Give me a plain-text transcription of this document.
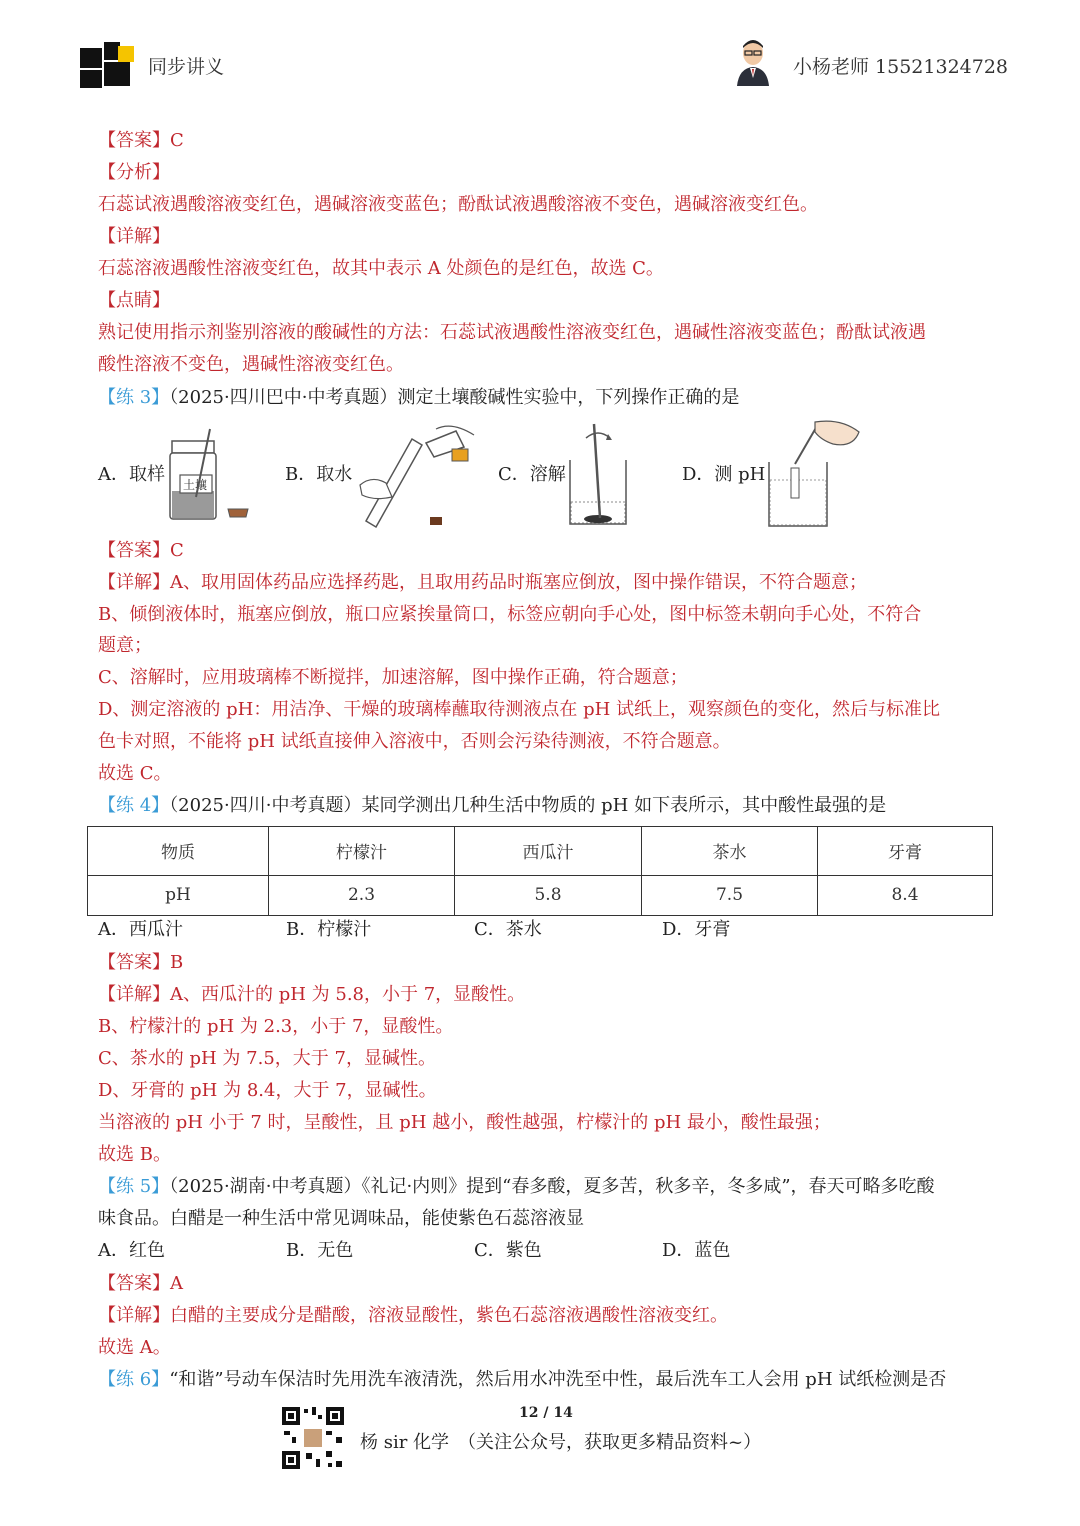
同步讲义	小杨老师 15521324728
【答案】C
【分析】
石蕊试液遇酸溶液变红色，遇碱溶液变蓝色；酚酞试液遇酸溶液不变色，遇碱溶液变红色。
【详解】
石蕊溶液遇酸性溶液变红色，故其中表示 A 处颜色的是红色，故选 C。
【点睛】
熟记使用指示剂鉴别溶液的酸碱性的方法：石蕊试液遇酸性溶液变红色，遇碱性溶液变蓝色；酚酞试液遇
酸性溶液不变色，遇碱性溶液变红色。
【练 3】（2025·四川巴中·中考真题）测定土壤酸碱性实验中，下列操作正确的是
A．取样 土壤	B．取水	C．溶解	D．测 pH
【答案】C
【详解】A、取用固体药品应选择药匙，且取用药品时瓶塞应倒放，图中操作错误，不符合题意；
B、倾倒液体时，瓶塞应倒放，瓶口应紧挨量筒口，标签应朝向手心处，图中标签未朝向手心处，不符合
题意；
C、溶解时，应用玻璃棒不断搅拌，加速溶解，图中操作正确，符合题意；
D、测定溶液的 pH：用洁净、干燥的玻璃棒蘸取待测液点在 pH 试纸上，观察颜色的变化，然后与标准比
色卡对照，不能将 pH 试纸直接伸入溶液中，否则会污染待测液，不符合题意。
故选 C。
【练 4】（2025·四川·中考真题）某同学测出几种生活中物质的 pH 如下表所示，其中酸性最强的是
物质	柠檬汁	西瓜汁	茶水	牙膏
pH	2.3	5.8	7.5	8.4
A．西瓜汁	B．柠檬汁	C．茶水	D．牙膏
【答案】B
【详解】A、西瓜汁的 pH 为 5.8，小于 7，显酸性。
B、柠檬汁的 pH 为 2.3，小于 7，显酸性。
C、茶水的 pH 为 7.5，大于 7，显碱性。
D、牙膏的 pH 为 8.4，大于 7，显碱性。
当溶液的 pH 小于 7 时，呈酸性，且 pH 越小，酸性越强，柠檬汁的 pH 最小，酸性最强；
故选 B。
【练 5】（2025·湖南·中考真题）《礼记·内则》提到“春多酸，夏多苦，秋多辛，冬多咸”，春天可略多吃酸
味食品。白醋是一种生活中常见调味品，能使紫色石蕊溶液显
A．红色	B．无色	C．紫色	D．蓝色
【答案】A
【详解】白醋的主要成分是醋酸，溶液显酸性，紫色石蕊溶液遇酸性溶液变红。
故选 A。
【练 6】“和谐”号动车保洁时先用洗车液清洗，然后用水冲洗至中性，最后洗车工人会用 pH 试纸检测是否
12 / 14
杨 sir 化学　（关注公众号，获取更多精品资料~）
